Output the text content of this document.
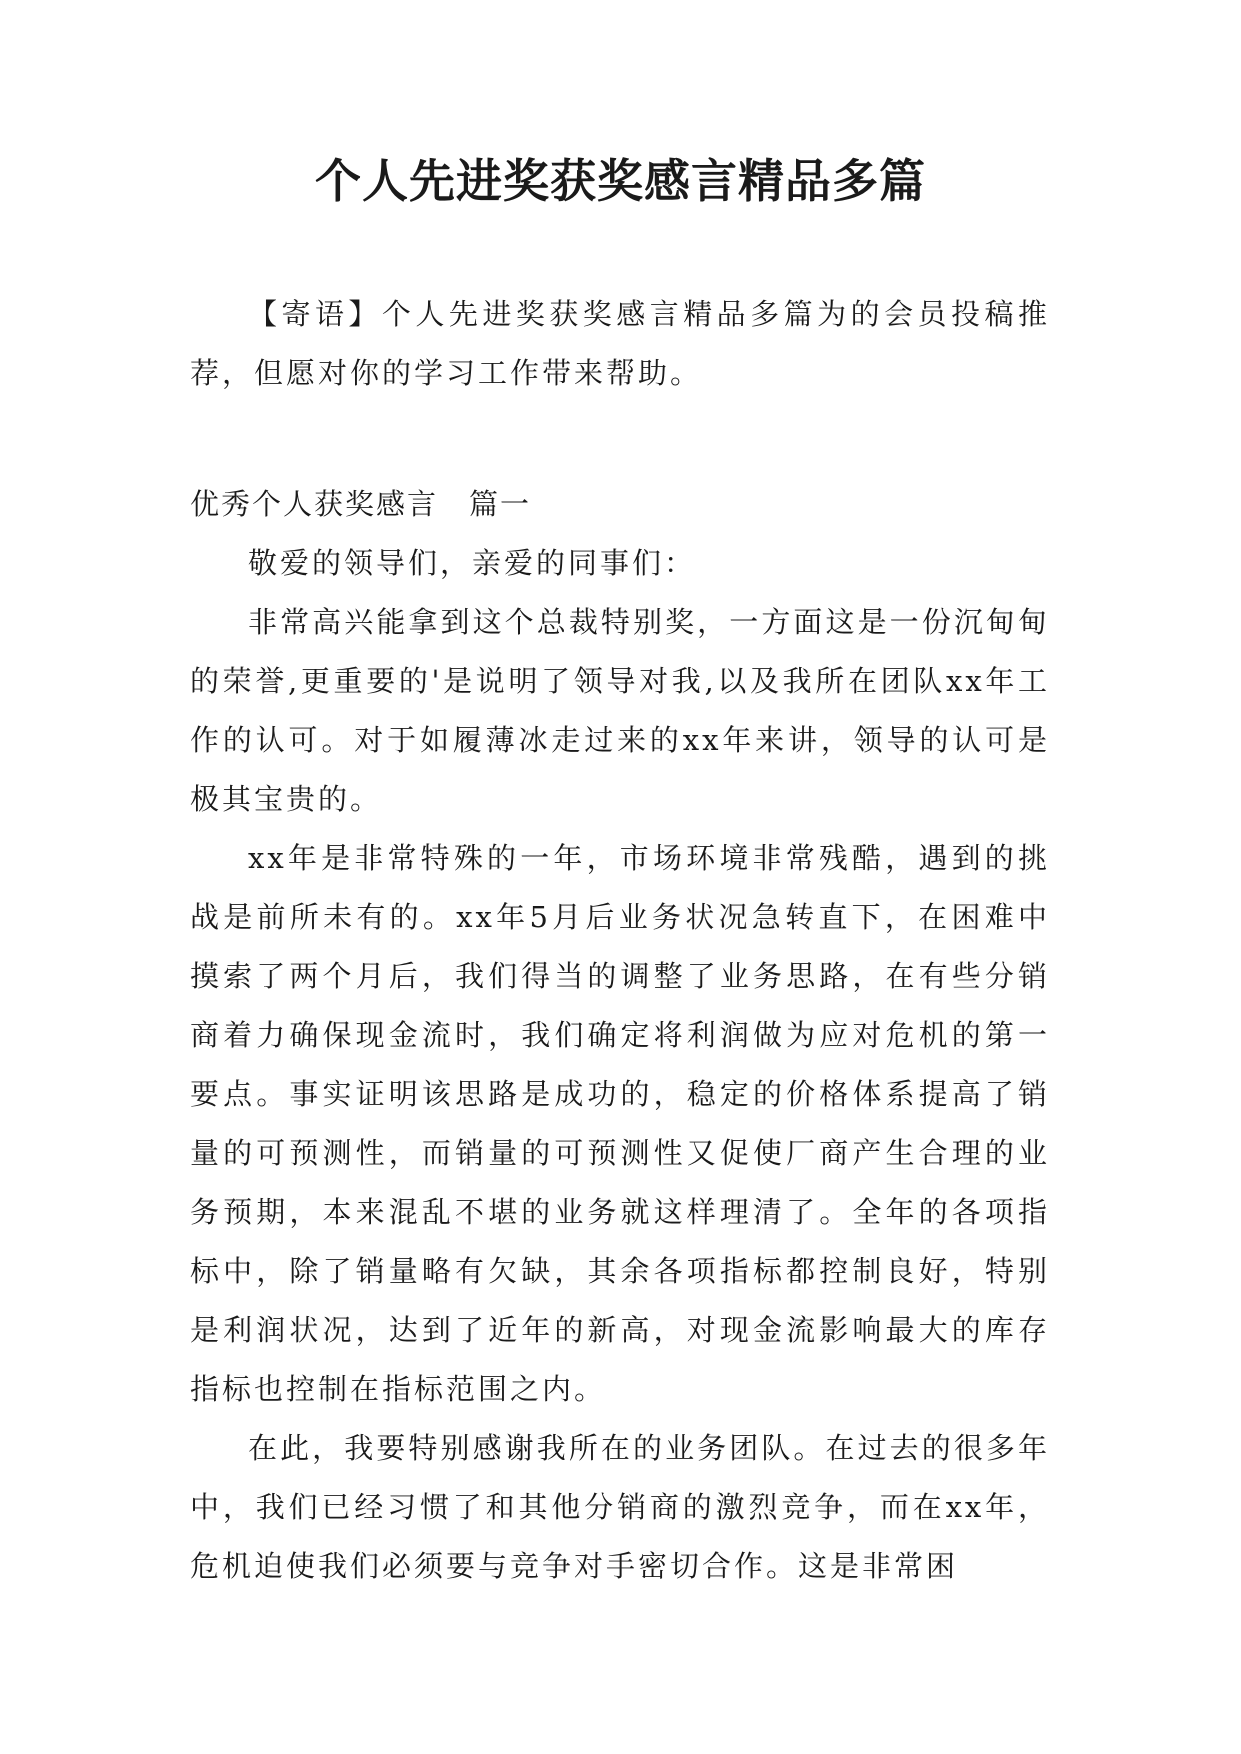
个人先进奖获奖感言精品多篇

【寄语】个人先进奖获奖感言精品多篇为的会员投稿推荐，但愿对你的学习工作带来帮助。

优秀个人获奖感言　篇一

敬爱的领导们，亲爱的同事们：

非常高兴能拿到这个总裁特别奖，一方面这是一份沉甸甸的荣誉,更重要的'是说明了领导对我,以及我所在团队xx年工作的认可。对于如履薄冰走过来的xx年来讲，领导的认可是极其宝贵的。

xx年是非常特殊的一年，市场环境非常残酷，遇到的挑战是前所未有的。xx年5月后业务状况急转直下，在困难中摸索了两个月后，我们得当的调整了业务思路，在有些分销商着力确保现金流时，我们确定将利润做为应对危机的第一要点。事实证明该思路是成功的，稳定的价格体系提高了销量的可预测性，而销量的可预测性又促使厂商产生合理的业务预期，本来混乱不堪的业务就这样理清了。全年的各项指标中，除了销量略有欠缺，其余各项指标都控制良好，特别是利润状况，达到了近年的新高，对现金流影响最大的库存指标也控制在指标范围之内。

在此，我要特别感谢我所在的业务团队。在过去的很多年中，我们已经习惯了和其他分销商的激烈竞争，而在xx年，危机迫使我们必须要与竞争对手密切合作。这是非常困
